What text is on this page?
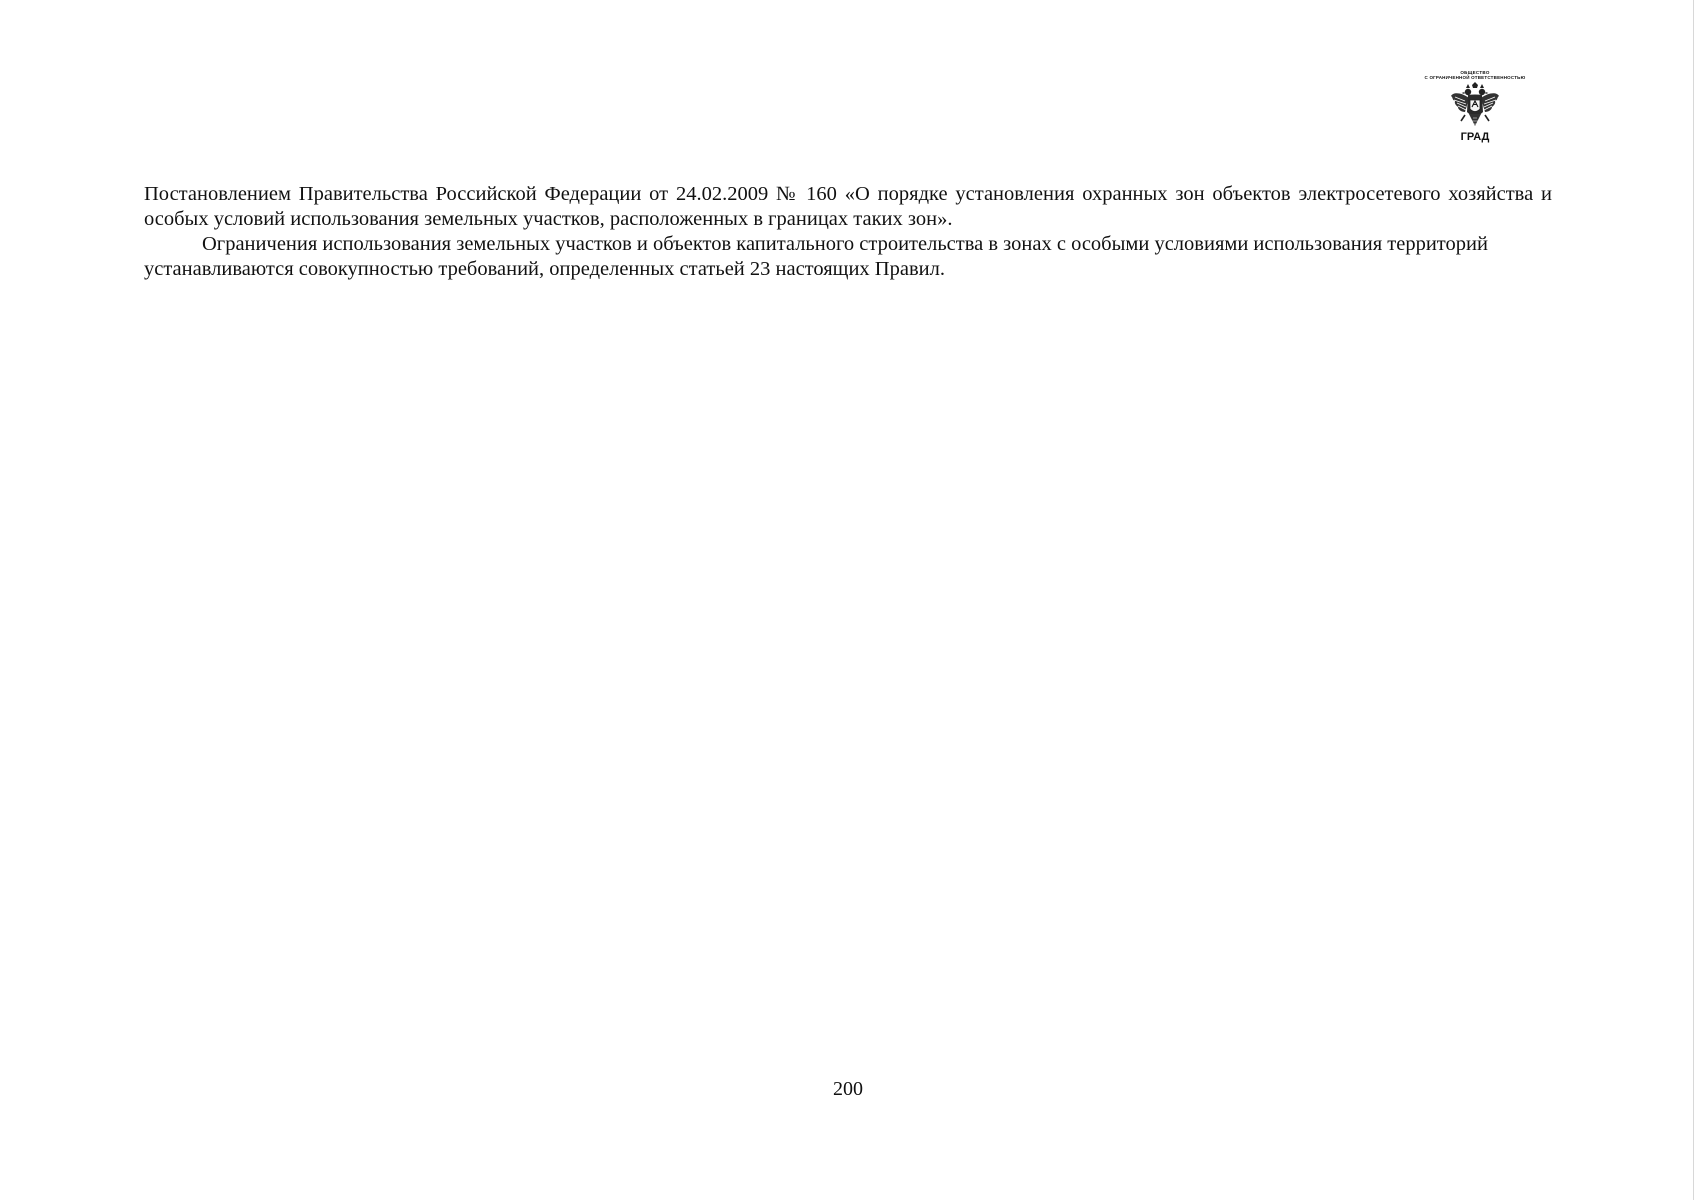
ОБЩЕСТВО
С ОГРАНИЧЕННОЙ ОТВЕТСТВЕННОСТЬЮ
ГРАД

Постановлением Правительства Российской Федерации от 24.02.2009 № 160 «О порядке установления охранных зон объектов электросетевого хозяйства и особых условий использования земельных участков, расположенных в границах таких зон».

Ограничения использования земельных участков и объектов капитального строительства в зонах с особыми условиями использования территорий устанавливаются совокупностью требований, определенных статьей 23 настоящих Правил.

200
